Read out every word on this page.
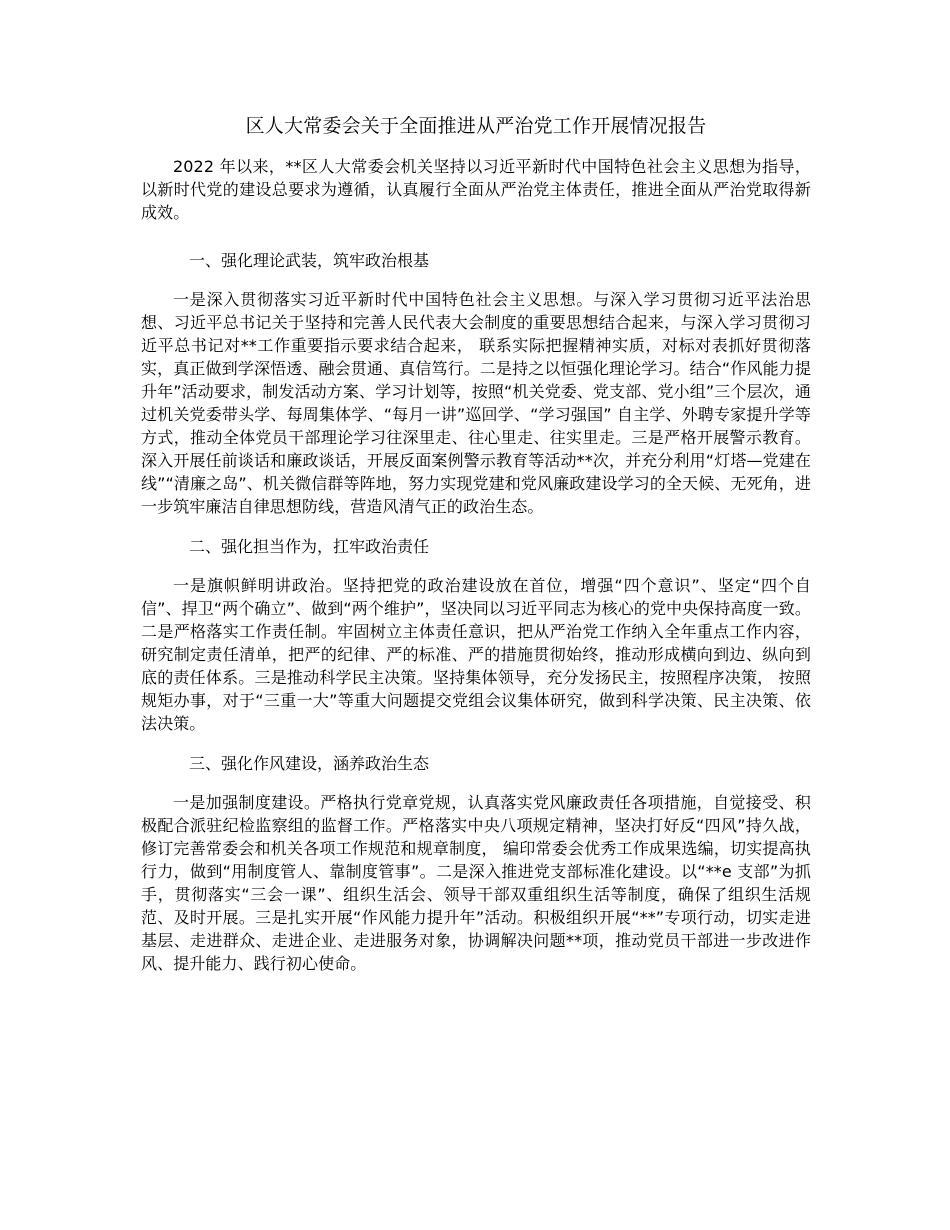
区人大常委会关于全面推进从严治党工作开展情况报告

2022 年以来，**区人大常委会机关坚持以习近平新时代中国特色社会主义思想为指导，以新时代党的建设总要求为遵循，认真履行全面从严治党主体责任，推进全面从严治党取得新成效。

一、强化理论武装，筑牢政治根基

一是深入贯彻落实习近平新时代中国特色社会主义思想。与深入学习贯彻习近平法治思想、习近平总书记关于坚持和完善人民代表大会制度的重要思想结合起来，与深入学习贯彻习近平总书记对**工作重要指示要求结合起来， 联系实际把握精神实质，对标对表抓好贯彻落实，真正做到学深悟透、融会贯通、真信笃行。二是持之以恒强化理论学习。结合“作风能力提升年”活动要求，制发活动方案、学习计划等，按照“机关党委、党支部、党小组”三个层次，通过机关党委带头学、每周集体学、“每月一讲”巡回学、“学习强国” 自主学、外聘专家提升学等方式，推动全体党员干部理论学习往深里走、往心里走、往实里走。三是严格开展警示教育。深入开展任前谈话和廉政谈话，开展反面案例警示教育等活动**次，并充分利用“灯塔—党建在线”“清廉之岛”、机关微信群等阵地，努力实现党建和党风廉政建设学习的全天候、无死角，进一步筑牢廉洁自律思想防线，营造风清气正的政治生态。

二、强化担当作为，扛牢政治责任

一是旗帜鲜明讲政治。坚持把党的政治建设放在首位，增强“四个意识”、坚定“四个自信”、捍卫“两个确立”、做到“两个维护”，坚决同以习近平同志为核心的党中央保持高度一致。二是严格落实工作责任制。牢固树立主体责任意识，把从严治党工作纳入全年重点工作内容，研究制定责任清单，把严的纪律、严的标准、严的措施贯彻始终，推动形成横向到边、纵向到底的责任体系。三是推动科学民主决策。坚持集体领导，充分发扬民主，按照程序决策， 按照规矩办事，对于“三重一大”等重大问题提交党组会议集体研究，做到科学决策、民主决策、依法决策。

三、强化作风建设，涵养政治生态

一是加强制度建设。严格执行党章党规，认真落实党风廉政责任各项措施，自觉接受、积极配合派驻纪检监察组的监督工作。严格落实中央八项规定精神，坚决打好反“四风”持久战，修订完善常委会和机关各项工作规范和规章制度， 编印常委会优秀工作成果选编，切实提高执行力，做到“用制度管人、靠制度管事”。二是深入推进党支部标准化建设。以“**e 支部”为抓手，贯彻落实“三会一课”、组织生活会、领导干部双重组织生活等制度，确保了组织生活规范、及时开展。三是扎实开展“作风能力提升年”活动。积极组织开展“**”专项行动，切实走进基层、走进群众、走进企业、走进服务对象，协调解决问题**项，推动党员干部进一步改进作风、提升能力、践行初心使命。
